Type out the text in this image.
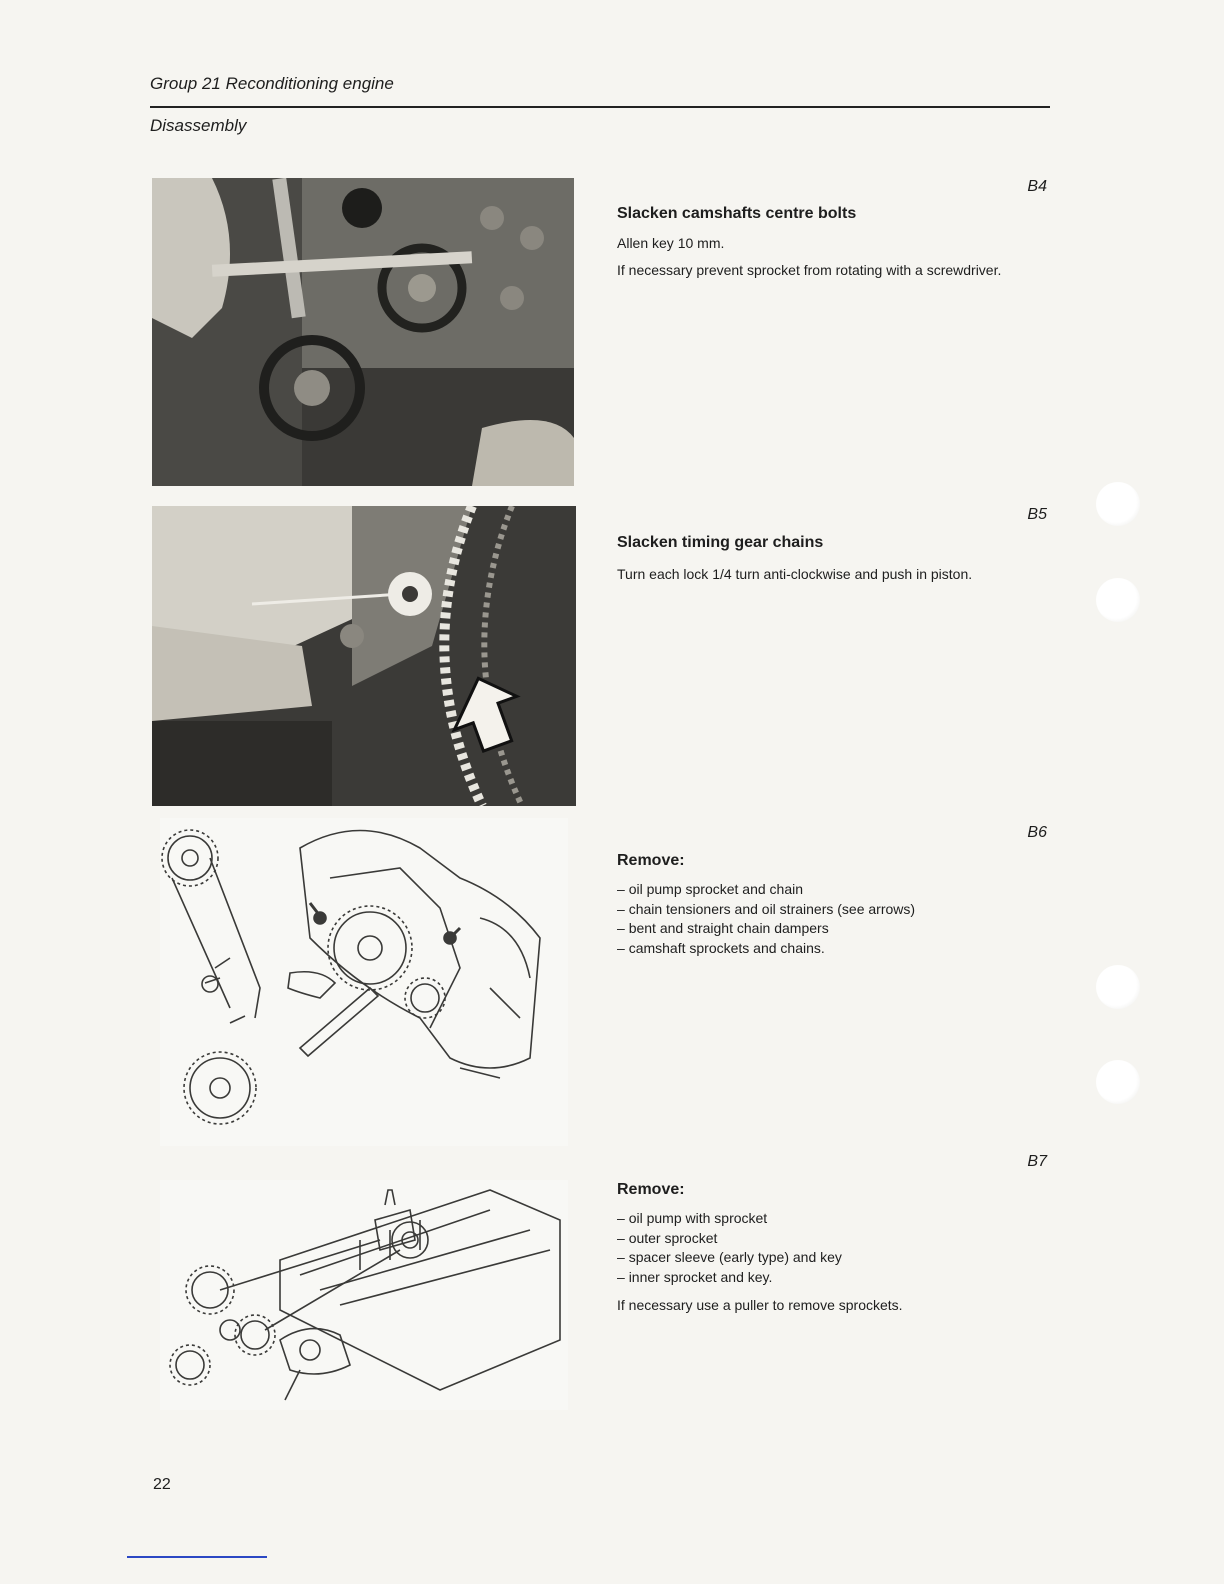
Group 21 Reconditioning engine
Disassembly
B4
Slacken camshafts centre bolts
Allen key 10 mm.
If necessary prevent sprocket from rotating with a screwdriver.
B5
Slacken timing gear chains
Turn each lock 1/4 turn anti-clockwise and push in piston.
B6
Remove:
– oil pump sprocket and chain
– chain tensioners and oil strainers (see arrows)
– bent and straight chain dampers
– camshaft sprockets and chains.
B7
Remove:
– oil pump with sprocket
– outer sprocket
– spacer sleeve (early type) and key
– inner sprocket and key.
If necessary use a puller to remove sprockets.
22
